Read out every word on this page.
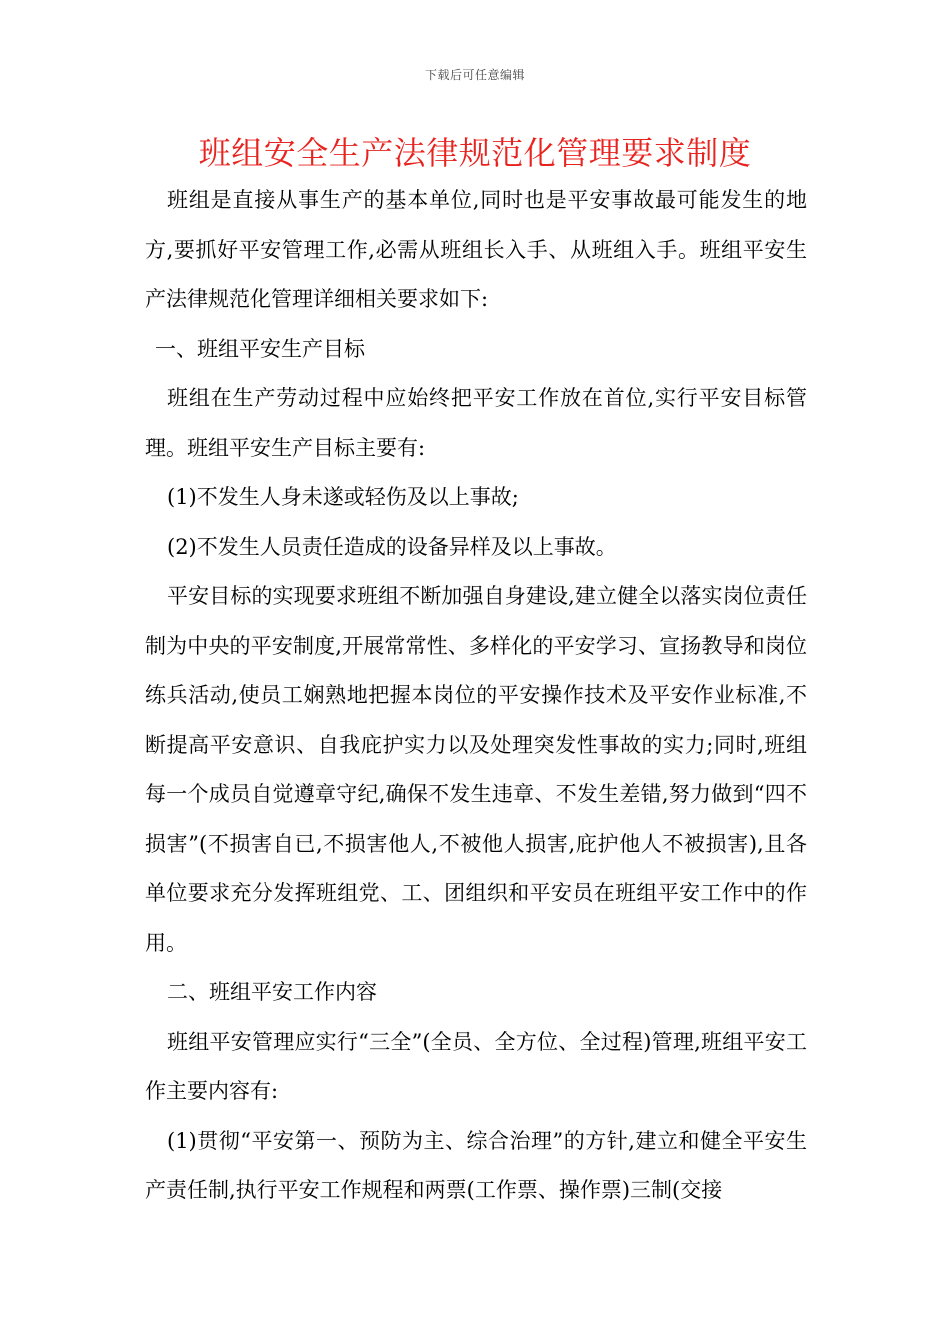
下载后可任意编辑
班组安全生产法律规范化管理要求制度

班组是直接从事生产的基本单位,同时也是平安事故最可能发生的地方,要抓好平安管理工作,必需从班组长入手、从班组入手。班组平安生产法律规范化管理详细相关要求如下:

一、班组平安生产目标

班组在生产劳动过程中应始终把平安工作放在首位,实行平安目标管理。班组平安生产目标主要有:

(1)不发生人身未遂或轻伤及以上事故;

(2)不发生人员责任造成的设备异样及以上事故。

平安目标的实现要求班组不断加强自身建设,建立健全以落实岗位责任制为中央的平安制度,开展常常性、多样化的平安学习、宣扬教导和岗位练兵活动,使员工娴熟地把握本岗位的平安操作技术及平安作业标准,不断提高平安意识、自我庇护实力以及处理突发性事故的实力;同时,班组每一个成员自觉遵章守纪,确保不发生违章、不发生差错,努力做到“四不损害”(不损害自已,不损害他人,不被他人损害,庇护他人不被损害),且各单位要求充分发挥班组党、工、团组织和平安员在班组平安工作中的作用。

二、班组平安工作内容

班组平安管理应实行“三全”(全员、全方位、全过程)管理,班组平安工作主要内容有:

(1)贯彻“平安第一、预防为主、综合治理”的方针,建立和健全平安生产责任制,执行平安工作规程和两票(工作票、操作票)三制(交接
